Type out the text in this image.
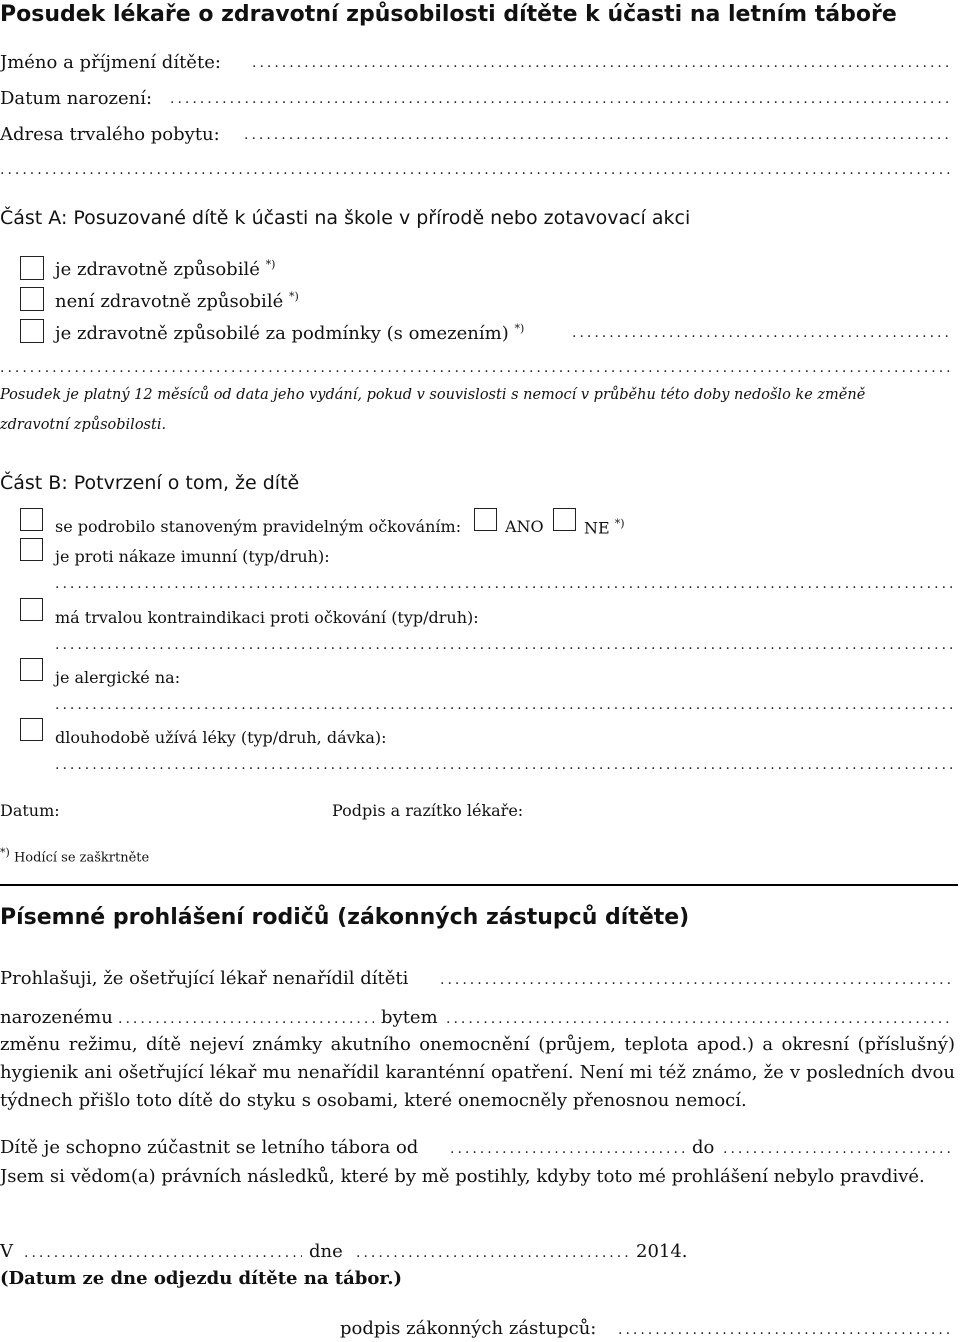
Posudek lékaře o zdravotní způsobilosti dítěte k účasti na letním táboře
Jméno a příjmení dítěte:
.....
Datum narození:
.....
Adresa trvalého pobytu:
.....
.....
Část A: Posuzované dítě k účasti na škole v přírodě nebo zotavovací akci
je zdravotně způsobilé *)
není zdravotně způsobilé *)
je zdravotně způsobilé za podmínky (s omezením) *)
.....
.....
Posudek je platný 12 měsíců od data jeho vydání, pokud v souvislosti s nemocí v průběhu této doby nedošlo ke změně
zdravotní způsobilosti.
Část B: Potvrzení o tom, že dítě
se podrobilo stanoveným pravidelným očkováním:	ANO	NE *)
je proti nákaze imunní (typ/druh):
.....
má trvalou kontraindikaci proti očkování (typ/druh):
.....
je alergické na:
.....
dlouhodobě užívá léky (typ/druh, dávka):
.....
Datum:	Podpis a razítko lékaře:
*) Hodící se zaškrtněte
Písemné prohlášení rodičů (zákonných zástupců dítěte)
Prohlašuji, že ošetřující lékař nenařídil dítěti
.....
narozenému .....	bytem
.....
změnu režimu, dítě nejeví známky akutního onemocnění (průjem, teplota apod.) a okresní (příslušný) hygienik ani ošetřující lékař mu nenařídil karanténní opatření. Není mi též známo, že v posledních dvou týdnech přišlo toto dítě do styku s osobami, které onemocněly přenosnou nemocí.
Dítě je schopno zúčastnit se letního tábora od .....	do
.....
Jsem si vědom(a) právních následků, které by mě postihly, kdyby toto mé prohlášení nebylo pravdivé.
V .....	dne .....	2014.
(Datum ze dne odjezdu dítěte na tábor.)
podpis zákonných zástupců:
.....
